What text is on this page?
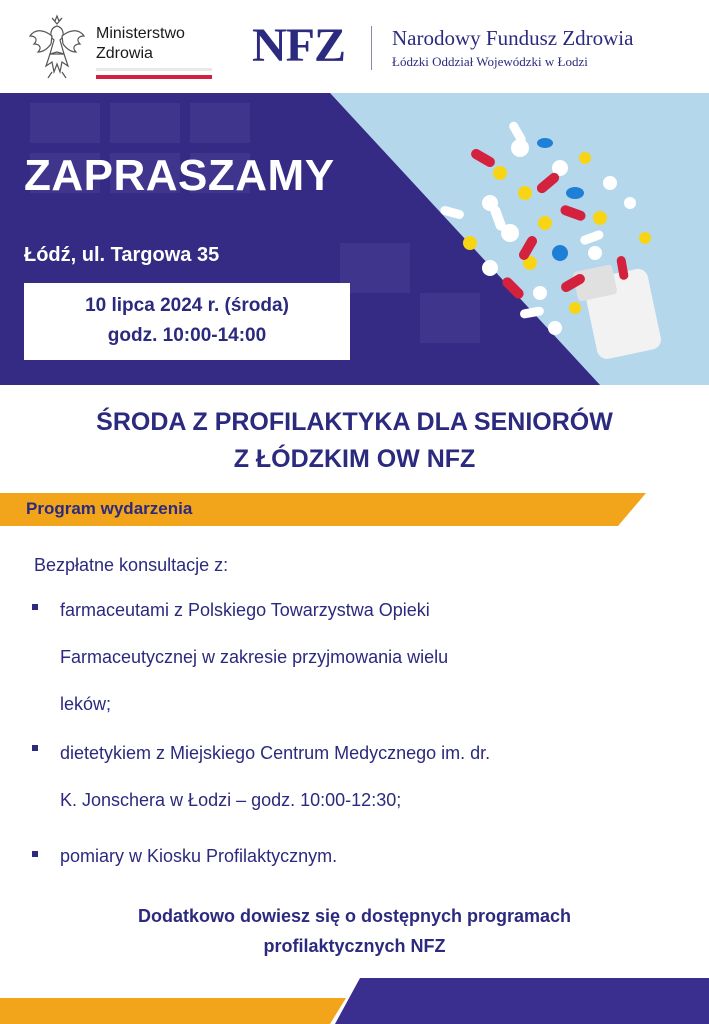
Ministerstwo
Zdrowia	NFZ Narodowy Fundusz Zdrowia
Łódzki Oddział Wojewódzki w Łodzi
ZAPRASZAMY
Łódź, ul. Targowa 35
10 lipca 2024 r. (środa)
godz. 10:00-14:00
ŚRODA Z PROFILAKTYKA DLA SENIORÓW
Z ŁÓDZKIM OW NFZ
Program wydarzenia
Bezpłatne konsultacje z:
farmaceutami z Polskiego Towarzystwa Opieki
Farmaceutycznej w zakresie przyjmowania wielu
leków;
dietetykiem z Miejskiego Centrum Medycznego im. dr.
K. Jonschera w Łodzi – godz. 10:00-12:30;
pomiary w Kiosku Profilaktycznym.
Dodatkowo dowiesz się o dostępnych programach
profilaktycznych NFZ
